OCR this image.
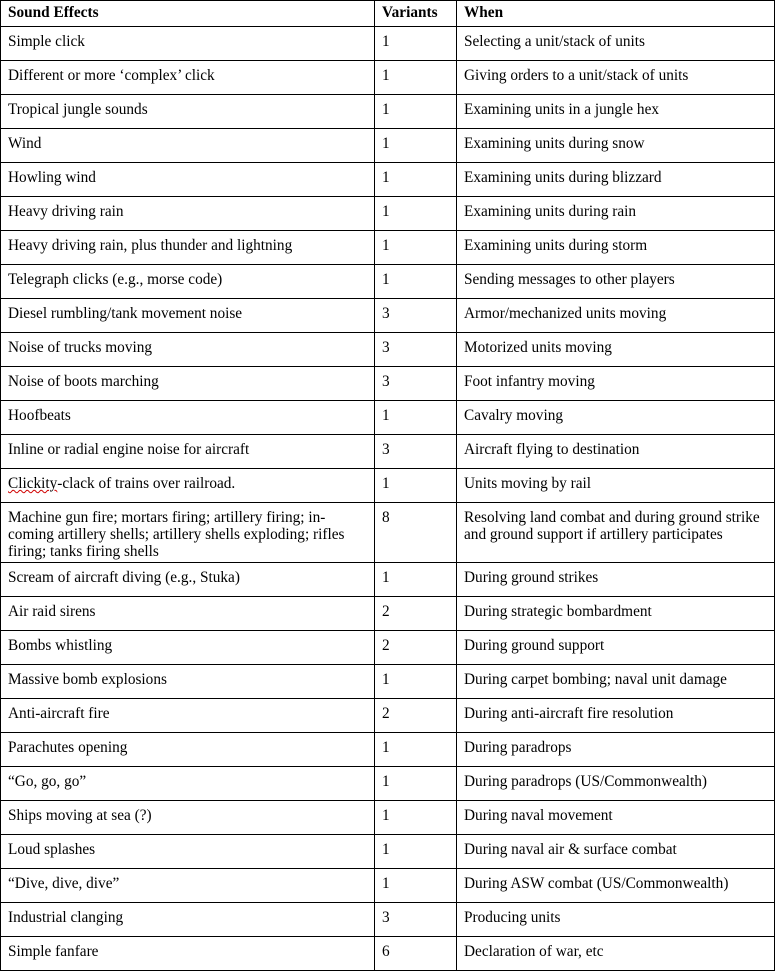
Sound Effects	Variants	When
Simple click	1	Selecting a unit/stack of units
Different or more ‘complex’ click	1	Giving orders to a unit/stack of units
Tropical jungle sounds	1	Examining units in a jungle hex
Wind	1	Examining units during snow
Howling wind	1	Examining units during blizzard
Heavy driving rain	1	Examining units during rain
Heavy driving rain, plus thunder and lightning	1	Examining units during storm
Telegraph clicks (e.g., morse code)	1	Sending messages to other players
Diesel rumbling/tank movement noise	3	Armor/mechanized units moving
Noise of trucks moving	3	Motorized units moving
Noise of boots marching	3	Foot infantry moving
Hoofbeats	1	Cavalry moving
Inline or radial engine noise for aircraft	3	Aircraft flying to destination
Clickity-clack of trains over railroad.	1	Units moving by rail
Machine gun fire; mortars firing; artillery firing; in-coming artillery shells; artillery shells exploding; rifles firing; tanks firing shells	8	Resolving land combat and during ground strike and ground support if artillery participates
Scream of aircraft diving (e.g., Stuka)	1	During ground strikes
Air raid sirens	2	During strategic bombardment
Bombs whistling	2	During ground support
Massive bomb explosions	1	During carpet bombing; naval unit damage
Anti-aircraft fire	2	During anti-aircraft fire resolution
Parachutes opening	1	During paradrops
“Go, go, go”	1	During paradrops (US/Commonwealth)
Ships moving at sea (?)	1	During naval movement
Loud splashes	1	During naval air & surface combat
“Dive, dive, dive”	1	During ASW combat (US/Commonwealth)
Industrial clanging	3	Producing units
Simple fanfare	6	Declaration of war, etc
